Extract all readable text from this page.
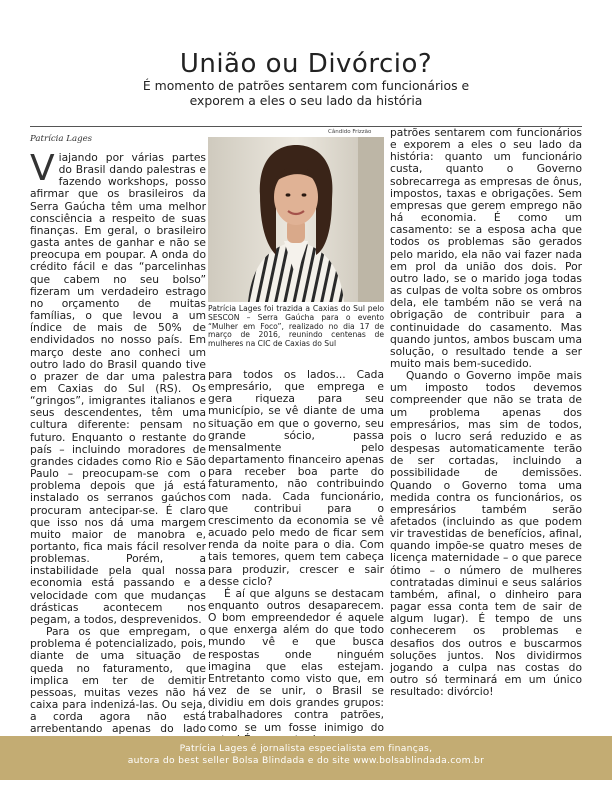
União ou Divórcio?
É momento de patrões sentarem com funcionários e
exporem a eles o seu lado da história
Patrícia Lages

Viajando por várias partes do Brasil dando palestras e fazendo workshops, posso afirmar que os brasileiros da Serra Gaúcha têm uma melhor consciência a respeito de suas finanças. Em geral, o brasileiro gasta antes de ganhar e não se preocupa em poupar. A onda do crédito fácil e das “parcelinhas que cabem no seu bolso” fizeram um verdadeiro estrago no orçamento de muitas famílias, o que levou a um índice de mais de 50% de endividados no nosso país. Em março deste ano conheci um outro lado do Brasil quando tive o prazer de dar uma palestra em Caxias do Sul (RS). Os “gringos”, imigrantes italianos e seus descendentes, têm uma cultura diferente: pensam no futuro. Enquanto o restante do país – incluindo moradores de grandes cidades como Rio e São Paulo – preocupam-se com o problema depois que já está instalado os serranos gaúchos procuram antecipar-se. É claro que isso nos dá uma margem muito maior de manobra e, portanto, fica mais fácil resolver problemas. Porém, a instabilidade pela qual nossa economia está passando e a velocidade com que mudanças drásticas acontecem nos pegam, a todos, desprevenidos.

Para os que empregam, o problema é potencializado, pois, diante de uma situação de queda no faturamento, que implica em ter de demitir pessoas, muitas vezes não há caixa para indenizá-las. Ou seja, a corda agora não está arrebentando apenas do lado

Cândido Frizzão
Patrícia Lages foi trazida a Caxias do Sul pelo SESCON – Serra Gaúcha para o evento “Mulher em Foco”, realizado no dia 17 de março de 2016, reunindo centenas de mulheres na CIC de Caxias do Sul

para todos os lados... Cada empresário, que emprega e gera riqueza para seu município, se vê diante de uma situação em que o governo, seu grande sócio, passa mensalmente pelo departamento financeiro apenas para receber boa parte do faturamento, não contribuindo com nada. Cada funcionário, que contribui para o crescimento da economia se vê acuado pelo medo de ficar sem renda da noite para o dia. Com tais temores, quem tem cabeça para produzir, crescer e sair desse ciclo?

É aí que alguns se destacam enquanto outros desaparecem. O bom empreendedor é aquele que enxerga além do que todo mundo vê e que busca respostas onde ninguém imagina que elas estejam. Entretanto como visto que, em vez de se unir, o Brasil se dividiu em dois grandes grupos: trabalhadores contra patrões, como se um fosse inimigo do

patrões sentarem com funcionários e exporem a eles o seu lado da história: quanto um funcionário custa, quanto o Governo sobrecarrega as empresas de ônus, impostos, taxas e obrigações. Sem empresas que gerem emprego não há economia. É como um casamento: se a esposa acha que todos os problemas são gerados pelo marido, ela não vai fazer nada em prol da união dos dois. Por outro lado, se o marido joga todas as culpas de volta sobre os ombros dela, ele também não se verá na obrigação de contribuir para a continuidade do casamento. Mas quando juntos, ambos buscam uma solução, o resultado tende a ser muito mais bem-sucedido.

Quando o Governo impõe mais um imposto todos devemos compreender que não se trata de um problema apenas dos empresários, mas sim de todos, pois o lucro será reduzido e as despesas automaticamente terão de ser cortadas, incluindo a possibilidade de demissões. Quando o Governo toma uma medida contra os funcionários, os empresários também serão afetados (incluindo as que podem vir travestidas de benefícios, afinal, quando impõe-se quatro meses de licença maternidade – o que parece ótimo – o número de mulheres contratadas diminui e seus salários também, afinal, o dinheiro para pagar essa conta tem de sair de algum lugar). É tempo de uns conhecerem os problemas e desafios dos outros e buscarmos soluções juntos. Nos dividirmos jogando a culpa nas costas do outro só terminará em um único resultado: divórcio!

Patrícia Lages é jornalista especialista em finanças,
autora do best seller Bolsa Blindada e do site www.bolsablindada.com.br
